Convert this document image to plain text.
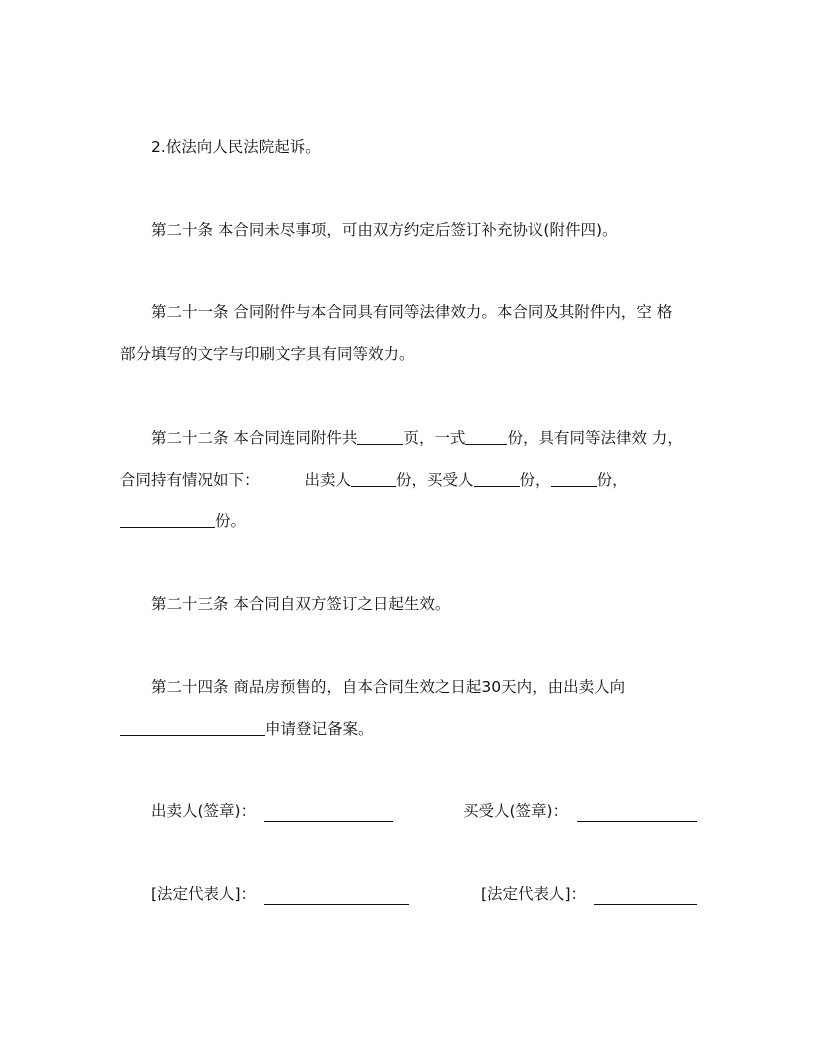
2.依法向人民法院起诉。
第二十条 本合同未尽事项，可由双方约定后签订补充协议(附件四)。
第二十一条 合同附件与本合同具有同等法律效力。本合同及其附件内，空 格
部分填写的文字与印刷文字具有同等效力。
第二十二条 本合同连同附件共	页，一式	份，具有同等法律效 力，
合同持有情况如下：	出卖人	份，买受人	份，	份，
份。
第二十三条 本合同自双方签订之日起生效。
第二十四条 商品房预售的，自本合同生效之日起30天内，由出卖人向
申请登记备案。
出卖人(签章)：	买受人(签章)：
[法定代表人]：	[法定代表人]：
